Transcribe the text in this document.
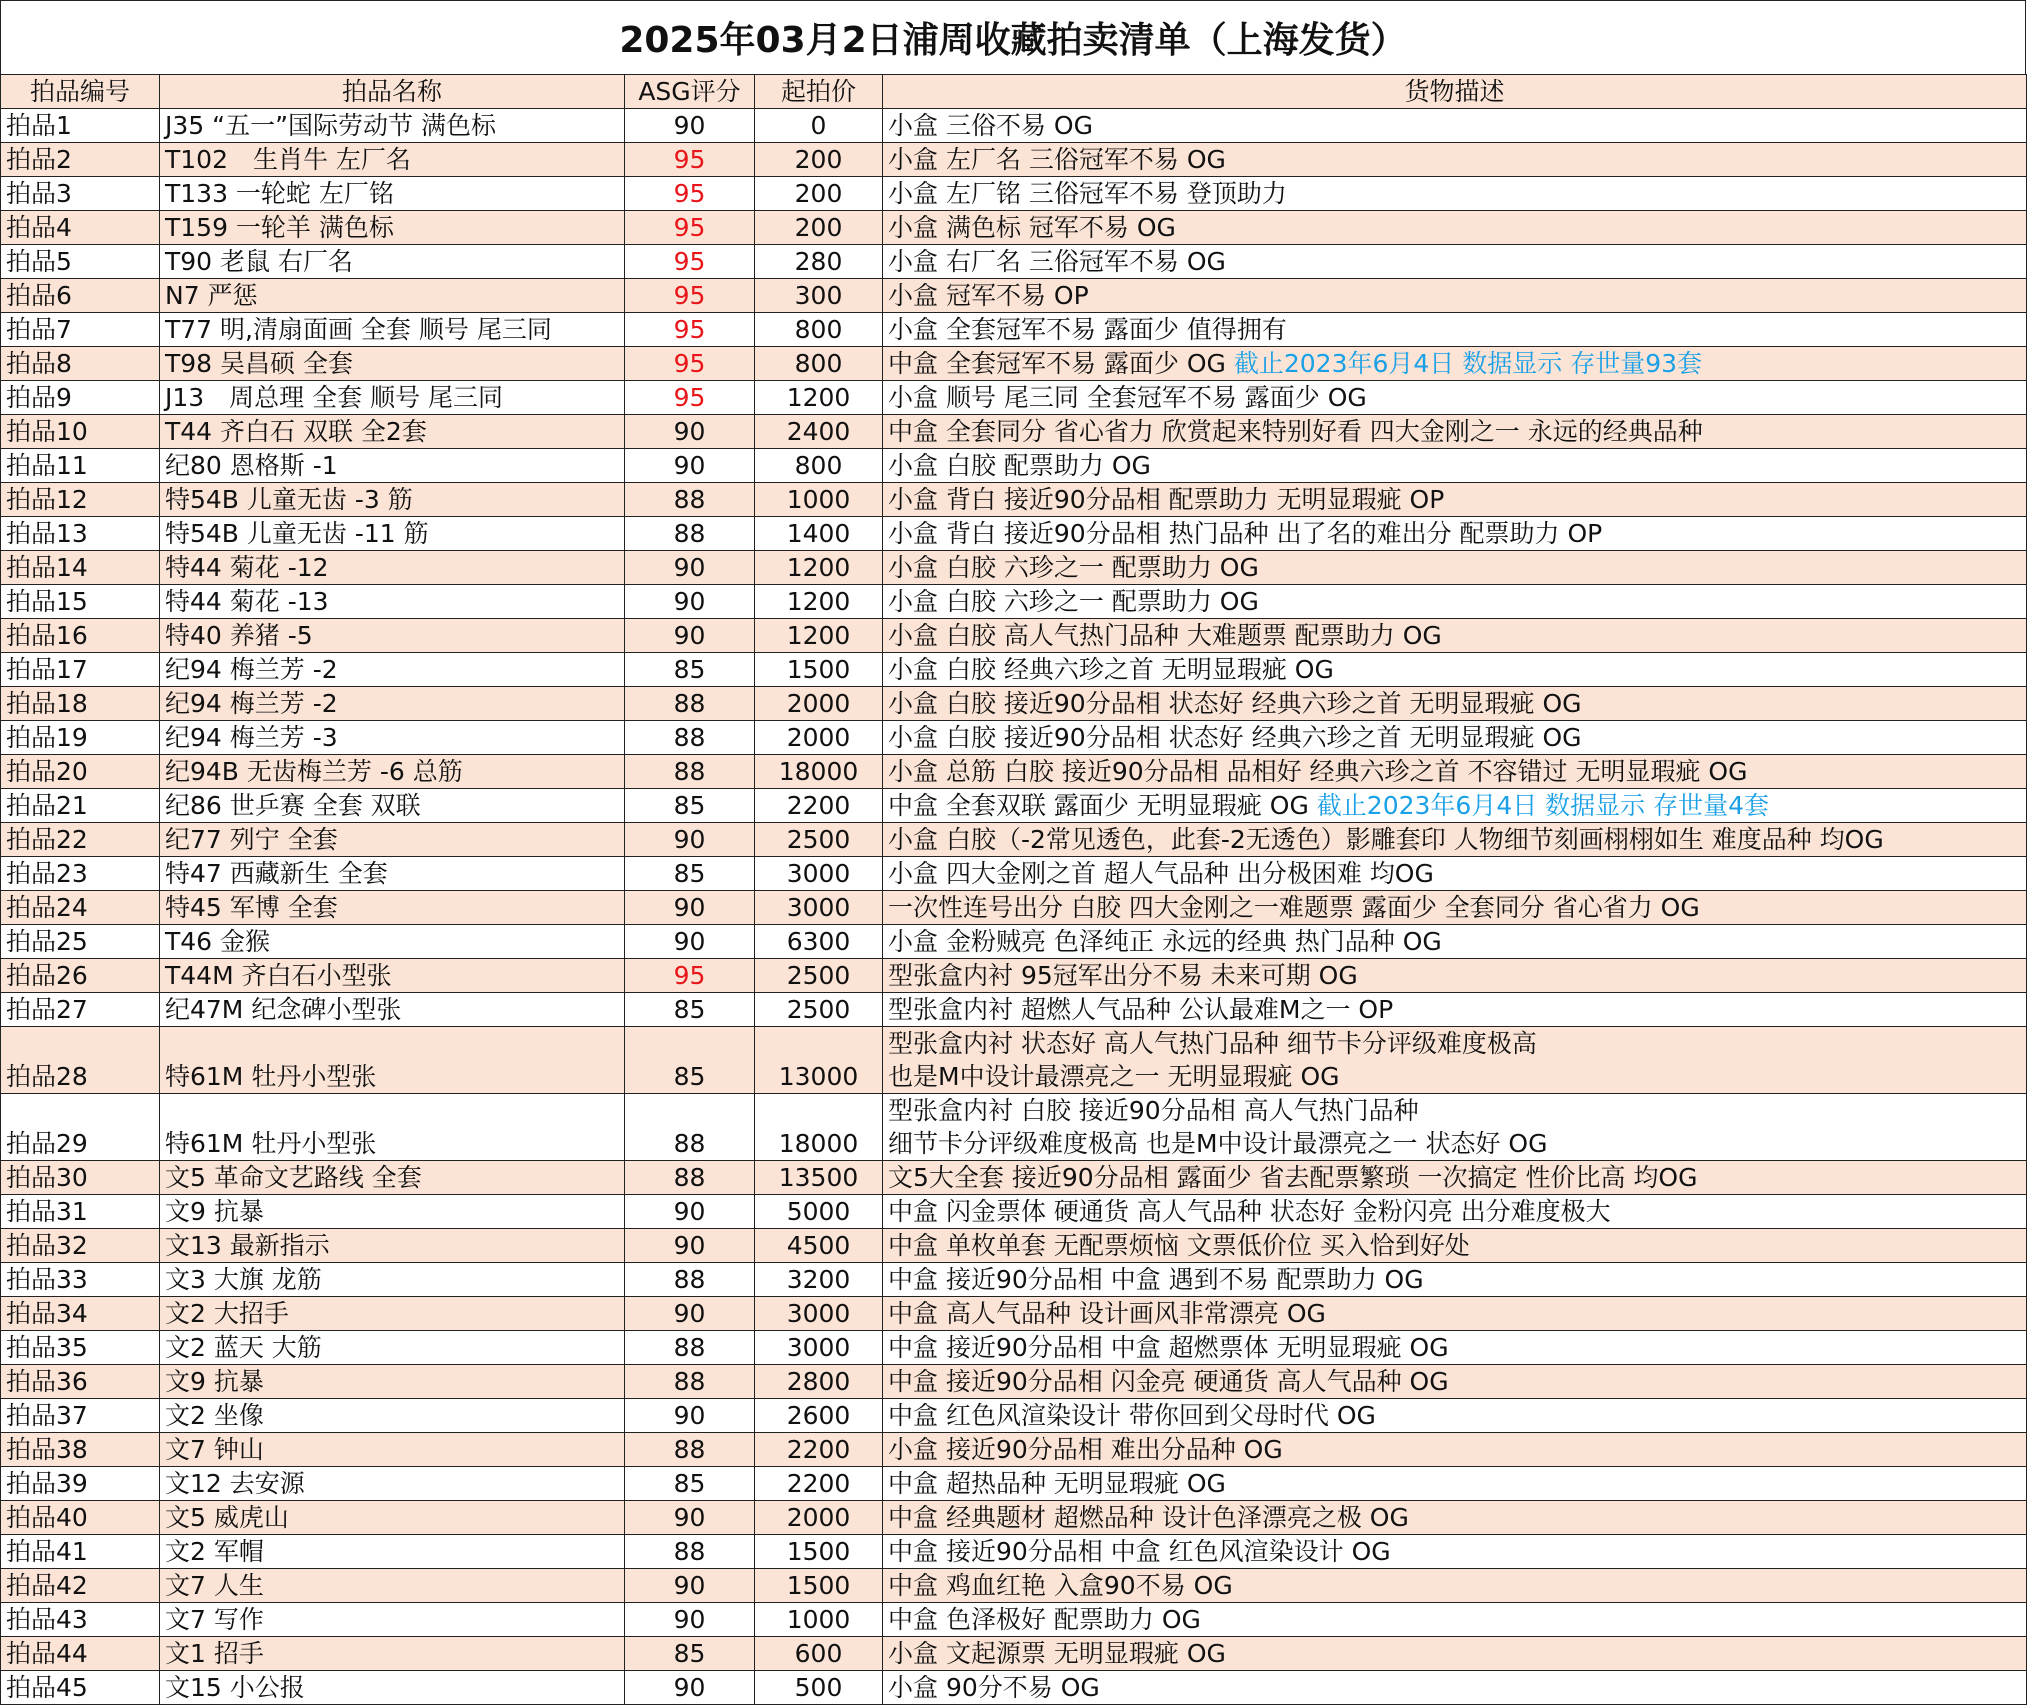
2025年03月2日浦周收藏拍卖清单（上海发货）
拍品编号	拍品名称	ASG评分	起拍价	货物描述
拍品1	J35 “五一”国际劳动节 满色标	90	0	小盒 三俗不易 OG
拍品2	T102　生肖牛 左厂名	95	200	小盒 左厂名 三俗冠军不易 OG
拍品3	T133 一轮蛇 左厂铭	95	200	小盒 左厂铭 三俗冠军不易 登顶助力
拍品4	T159 一轮羊 满色标	95	200	小盒 满色标 冠军不易 OG
拍品5	T90 老鼠 右厂名	95	280	小盒 右厂名 三俗冠军不易 OG
拍品6	N7 严惩	95	300	小盒 冠军不易 OP
拍品7	T77 明,清扇面画 全套 顺号 尾三同	95	800	小盒 全套冠军不易 露面少 值得拥有
拍品8	T98 吴昌硕 全套	95	800	中盒 全套冠军不易 露面少 OG 截止2023年6月4日 数据显示 存世量93套
拍品9	J13　周总理 全套 顺号 尾三同	95	1200	小盒 顺号 尾三同 全套冠军不易 露面少 OG
拍品10	T44 齐白石 双联 全2套	90	2400	中盒 全套同分 省心省力 欣赏起来特别好看 四大金刚之一 永远的经典品种
拍品11	纪80 恩格斯 -1	90	800	小盒 白胶 配票助力 OG
拍品12	特54B 儿童无齿 -3 筋	88	1000	小盒 背白 接近90分品相 配票助力 无明显瑕疵 OP
拍品13	特54B 儿童无齿 -11 筋	88	1400	小盒 背白 接近90分品相 热门品种 出了名的难出分 配票助力 OP
拍品14	特44 菊花 -12	90	1200	小盒 白胶 六珍之一 配票助力 OG
拍品15	特44 菊花 -13	90	1200	小盒 白胶 六珍之一 配票助力 OG
拍品16	特40 养猪 -5	90	1200	小盒 白胶 高人气热门品种 大难题票 配票助力 OG
拍品17	纪94 梅兰芳 -2	85	1500	小盒 白胶 经典六珍之首 无明显瑕疵 OG
拍品18	纪94 梅兰芳 -2	88	2000	小盒 白胶 接近90分品相 状态好 经典六珍之首 无明显瑕疵 OG
拍品19	纪94 梅兰芳 -3	88	2000	小盒 白胶 接近90分品相 状态好 经典六珍之首 无明显瑕疵 OG
拍品20	纪94B 无齿梅兰芳 -6 总筋	88	18000	小盒 总筋 白胶 接近90分品相 品相好 经典六珍之首 不容错过 无明显瑕疵 OG
拍品21	纪86 世乒赛 全套 双联	85	2200	中盒 全套双联 露面少 无明显瑕疵 OG 截止2023年6月4日 数据显示 存世量4套
拍品22	纪77 列宁 全套	90	2500	小盒 白胶（-2常见透色，此套-2无透色）影雕套印 人物细节刻画栩栩如生 难度品种 均OG
拍品23	特47 西藏新生 全套	85	3000	小盒 四大金刚之首 超人气品种 出分极困难 均OG
拍品24	特45 军博 全套	90	3000	一次性连号出分 白胶 四大金刚之一难题票 露面少 全套同分 省心省力 OG
拍品25	T46 金猴	90	6300	小盒 金粉贼亮 色泽纯正 永远的经典 热门品种 OG
拍品26	T44M 齐白石小型张	95	2500	型张盒内衬 95冠军出分不易 未来可期 OG
拍品27	纪47M 纪念碑小型张	85	2500	型张盒内衬 超燃人气品种 公认最难M之一 OP
拍品28	特61M 牡丹小型张	85	13000	型张盒内衬 状态好 高人气热门品种 细节卡分评级难度极高
也是M中设计最漂亮之一 无明显瑕疵 OG

拍品29	特61M 牡丹小型张	88	18000	型张盒内衬 白胶 接近90分品相 高人气热门品种
细节卡分评级难度极高 也是M中设计最漂亮之一 状态好 OG

拍品30	文5 革命文艺路线 全套	88	13500	文5大全套 接近90分品相 露面少 省去配票繁琐 一次搞定 性价比高 均OG
拍品31	文9 抗暴	90	5000	中盒 闪金票体 硬通货 高人气品种 状态好 金粉闪亮 出分难度极大
拍品32	文13 最新指示	90	4500	中盒 单枚单套 无配票烦恼 文票低价位 买入恰到好处
拍品33	文3 大旗 龙筋	88	3200	中盒 接近90分品相 中盒 遇到不易 配票助力 OG
拍品34	文2 大招手	90	3000	中盒 高人气品种 设计画风非常漂亮 OG
拍品35	文2 蓝天 大筋	88	3000	中盒 接近90分品相 中盒 超燃票体 无明显瑕疵 OG
拍品36	文9 抗暴	88	2800	中盒 接近90分品相 闪金亮 硬通货 高人气品种 OG
拍品37	文2 坐像	90	2600	中盒 红色风渲染设计 带你回到父母时代 OG
拍品38	文7 钟山	88	2200	小盒 接近90分品相 难出分品种 OG
拍品39	文12 去安源	85	2200	中盒 超热品种 无明显瑕疵 OG
拍品40	文5 威虎山	90	2000	中盒 经典题材 超燃品种 设计色泽漂亮之极 OG
拍品41	文2 军帽	88	1500	中盒 接近90分品相 中盒 红色风渲染设计 OG
拍品42	文7 人生	90	1500	中盒 鸡血红艳 入盒90不易 OG
拍品43	文7 写作	90	1000	中盒 色泽极好 配票助力 OG
拍品44	文1 招手	85	600	小盒 文起源票 无明显瑕疵 OG
拍品45	文15 小公报	90	500	小盒 90分不易 OG
